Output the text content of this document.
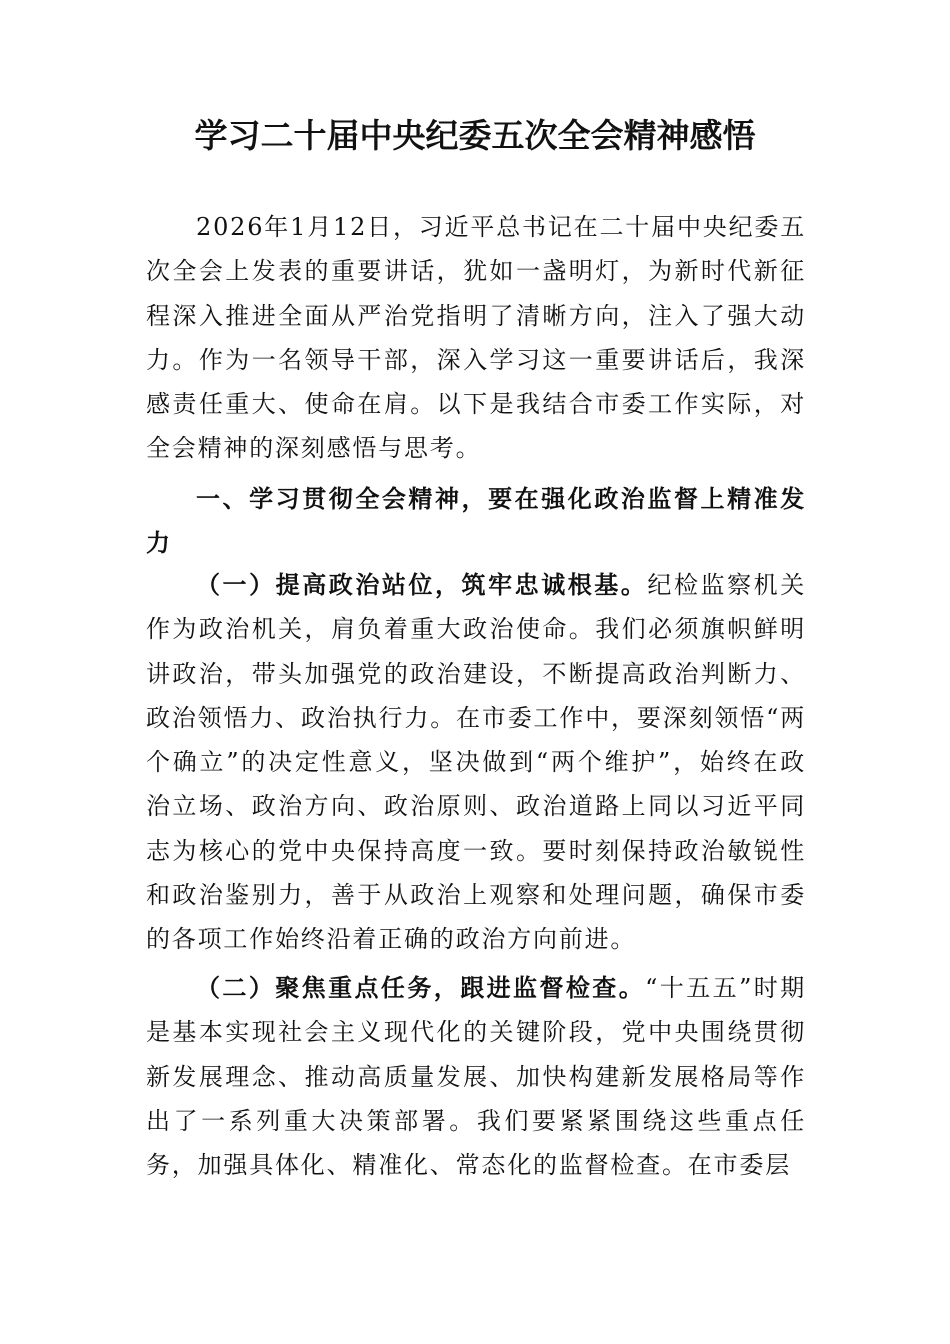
学习二十届中央纪委五次全会精神感悟

2026年1月12日，习近平总书记在二十届中央纪委五次全会上发表的重要讲话，犹如一盏明灯，为新时代新征程深入推进全面从严治党指明了清晰方向，注入了强大动力。作为一名领导干部，深入学习这一重要讲话后，我深感责任重大、使命在肩。以下是我结合市委工作实际，对全会精神的深刻感悟与思考。

一、学习贯彻全会精神，要在强化政治监督上精准发力

（一）提高政治站位，筑牢忠诚根基。纪检监察机关作为政治机关，肩负着重大政治使命。我们必须旗帜鲜明讲政治，带头加强党的政治建设，不断提高政治判断力、政治领悟力、政治执行力。在市委工作中，要深刻领悟“两个确立”的决定性意义，坚决做到“两个维护”，始终在政治立场、政治方向、政治原则、政治道路上同以习近平同志为核心的党中央保持高度一致。要时刻保持政治敏锐性和政治鉴别力，善于从政治上观察和处理问题，确保市委的各项工作始终沿着正确的政治方向前进。

（二）聚焦重点任务，跟进监督检查。“十五五”时期是基本实现社会主义现代化的关键阶段，党中央围绕贯彻新发展理念、推动高质量发展、加快构建新发展格局等作出了一系列重大决策部署。我们要紧紧围绕这些重点任务，加强具体化、精准化、常态化的监督检查。在市委层
